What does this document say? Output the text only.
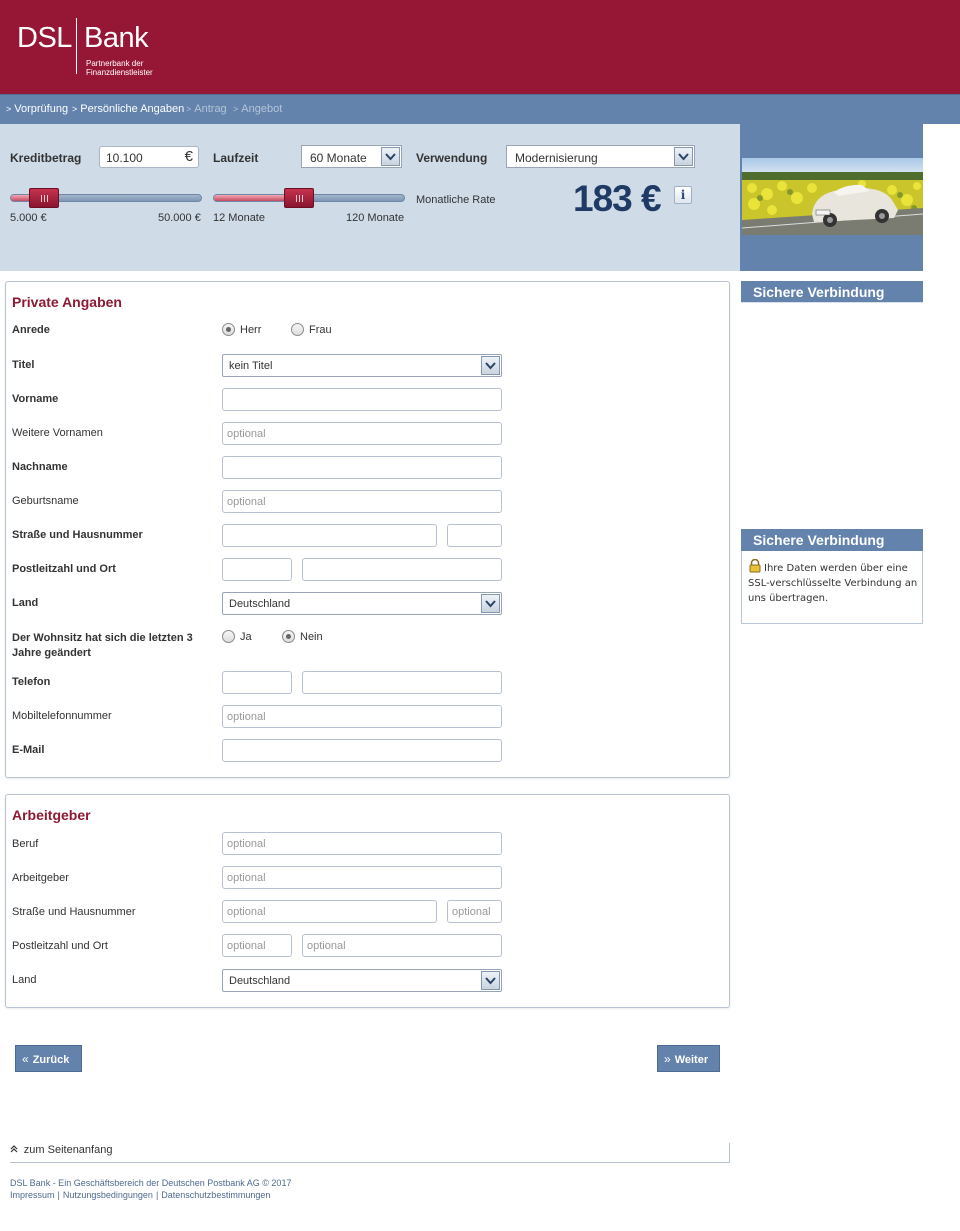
DSL Bank
Partnerbank der
Finanzdienstleister
> Vorprüfung > Persönliche Angaben > Antrag > Angebot
Kreditbetrag	10.100	€
5.000 €	50.000 €
Laufzeit	60 Monate
12 Monate	120 Monate
Verwendung	Modernisierung
Monatliche Rate 183 €	i
Sichere Verbindung
Sichere Verbindung
Ihre Daten werden über eine SSL-verschlüsselte Verbindung an uns übertragen.
Private Angaben
Anrede	Herr	Frau
Titel	kein Titel
Vorname
Weitere Vornamen	optional
Nachname
Geburtsname	optional
Straße und Hausnummer
Postleitzahl und Ort
Land	Deutschland
Der Wohnsitz hat sich die letzten 3 Jahre geändert
Ja	Nein
Telefon
Mobiltelefonnummer	optional
E-Mail
Arbeitgeber
Beruf	optional
Arbeitgeber	optional
Straße und Hausnummer	optional	optional
Postleitzahl und Ort	optional	optional
Land	Deutschland
« Zurück	» Weiter
zum Seitenanfang
DSL Bank - Ein Geschäftsbereich der Deutschen Postbank AG © 2017
Impressum | Nutzungsbedingungen | Datenschutzbestimmungen
